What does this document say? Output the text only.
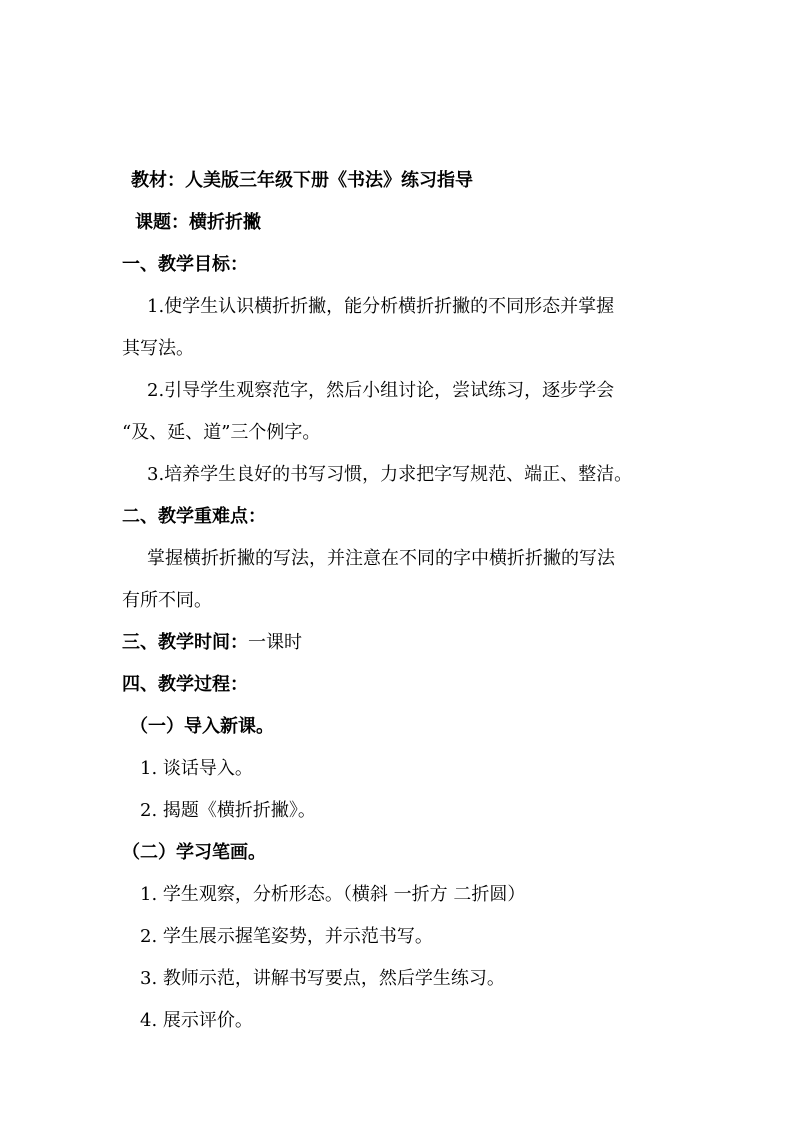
教材：人美版三年级下册《书法》练习指导
课题：横折折撇
一、教学目标：
1.使学生认识横折折撇，能分析横折折撇的不同形态并掌握
其写法。
2.引导学生观察范字，然后小组讨论，尝试练习，逐步学会
“及、延、道”三个例字。
3.培养学生良好的书写习惯，力求把字写规范、端正、整洁。
二、教学重难点：
掌握横折折撇的写法，并注意在不同的字中横折折撇的写法
有所不同。
三、教学时间：一课时
四、教学过程：
（一）导入新课。
1. 谈话导入。
2. 揭题《横折折撇》。
（二）学习笔画。
1. 学生观察，分析形态。（横斜 一折方 二折圆）
2. 学生展示握笔姿势，并示范书写。
3. 教师示范，讲解书写要点，然后学生练习。
4. 展示评价。
